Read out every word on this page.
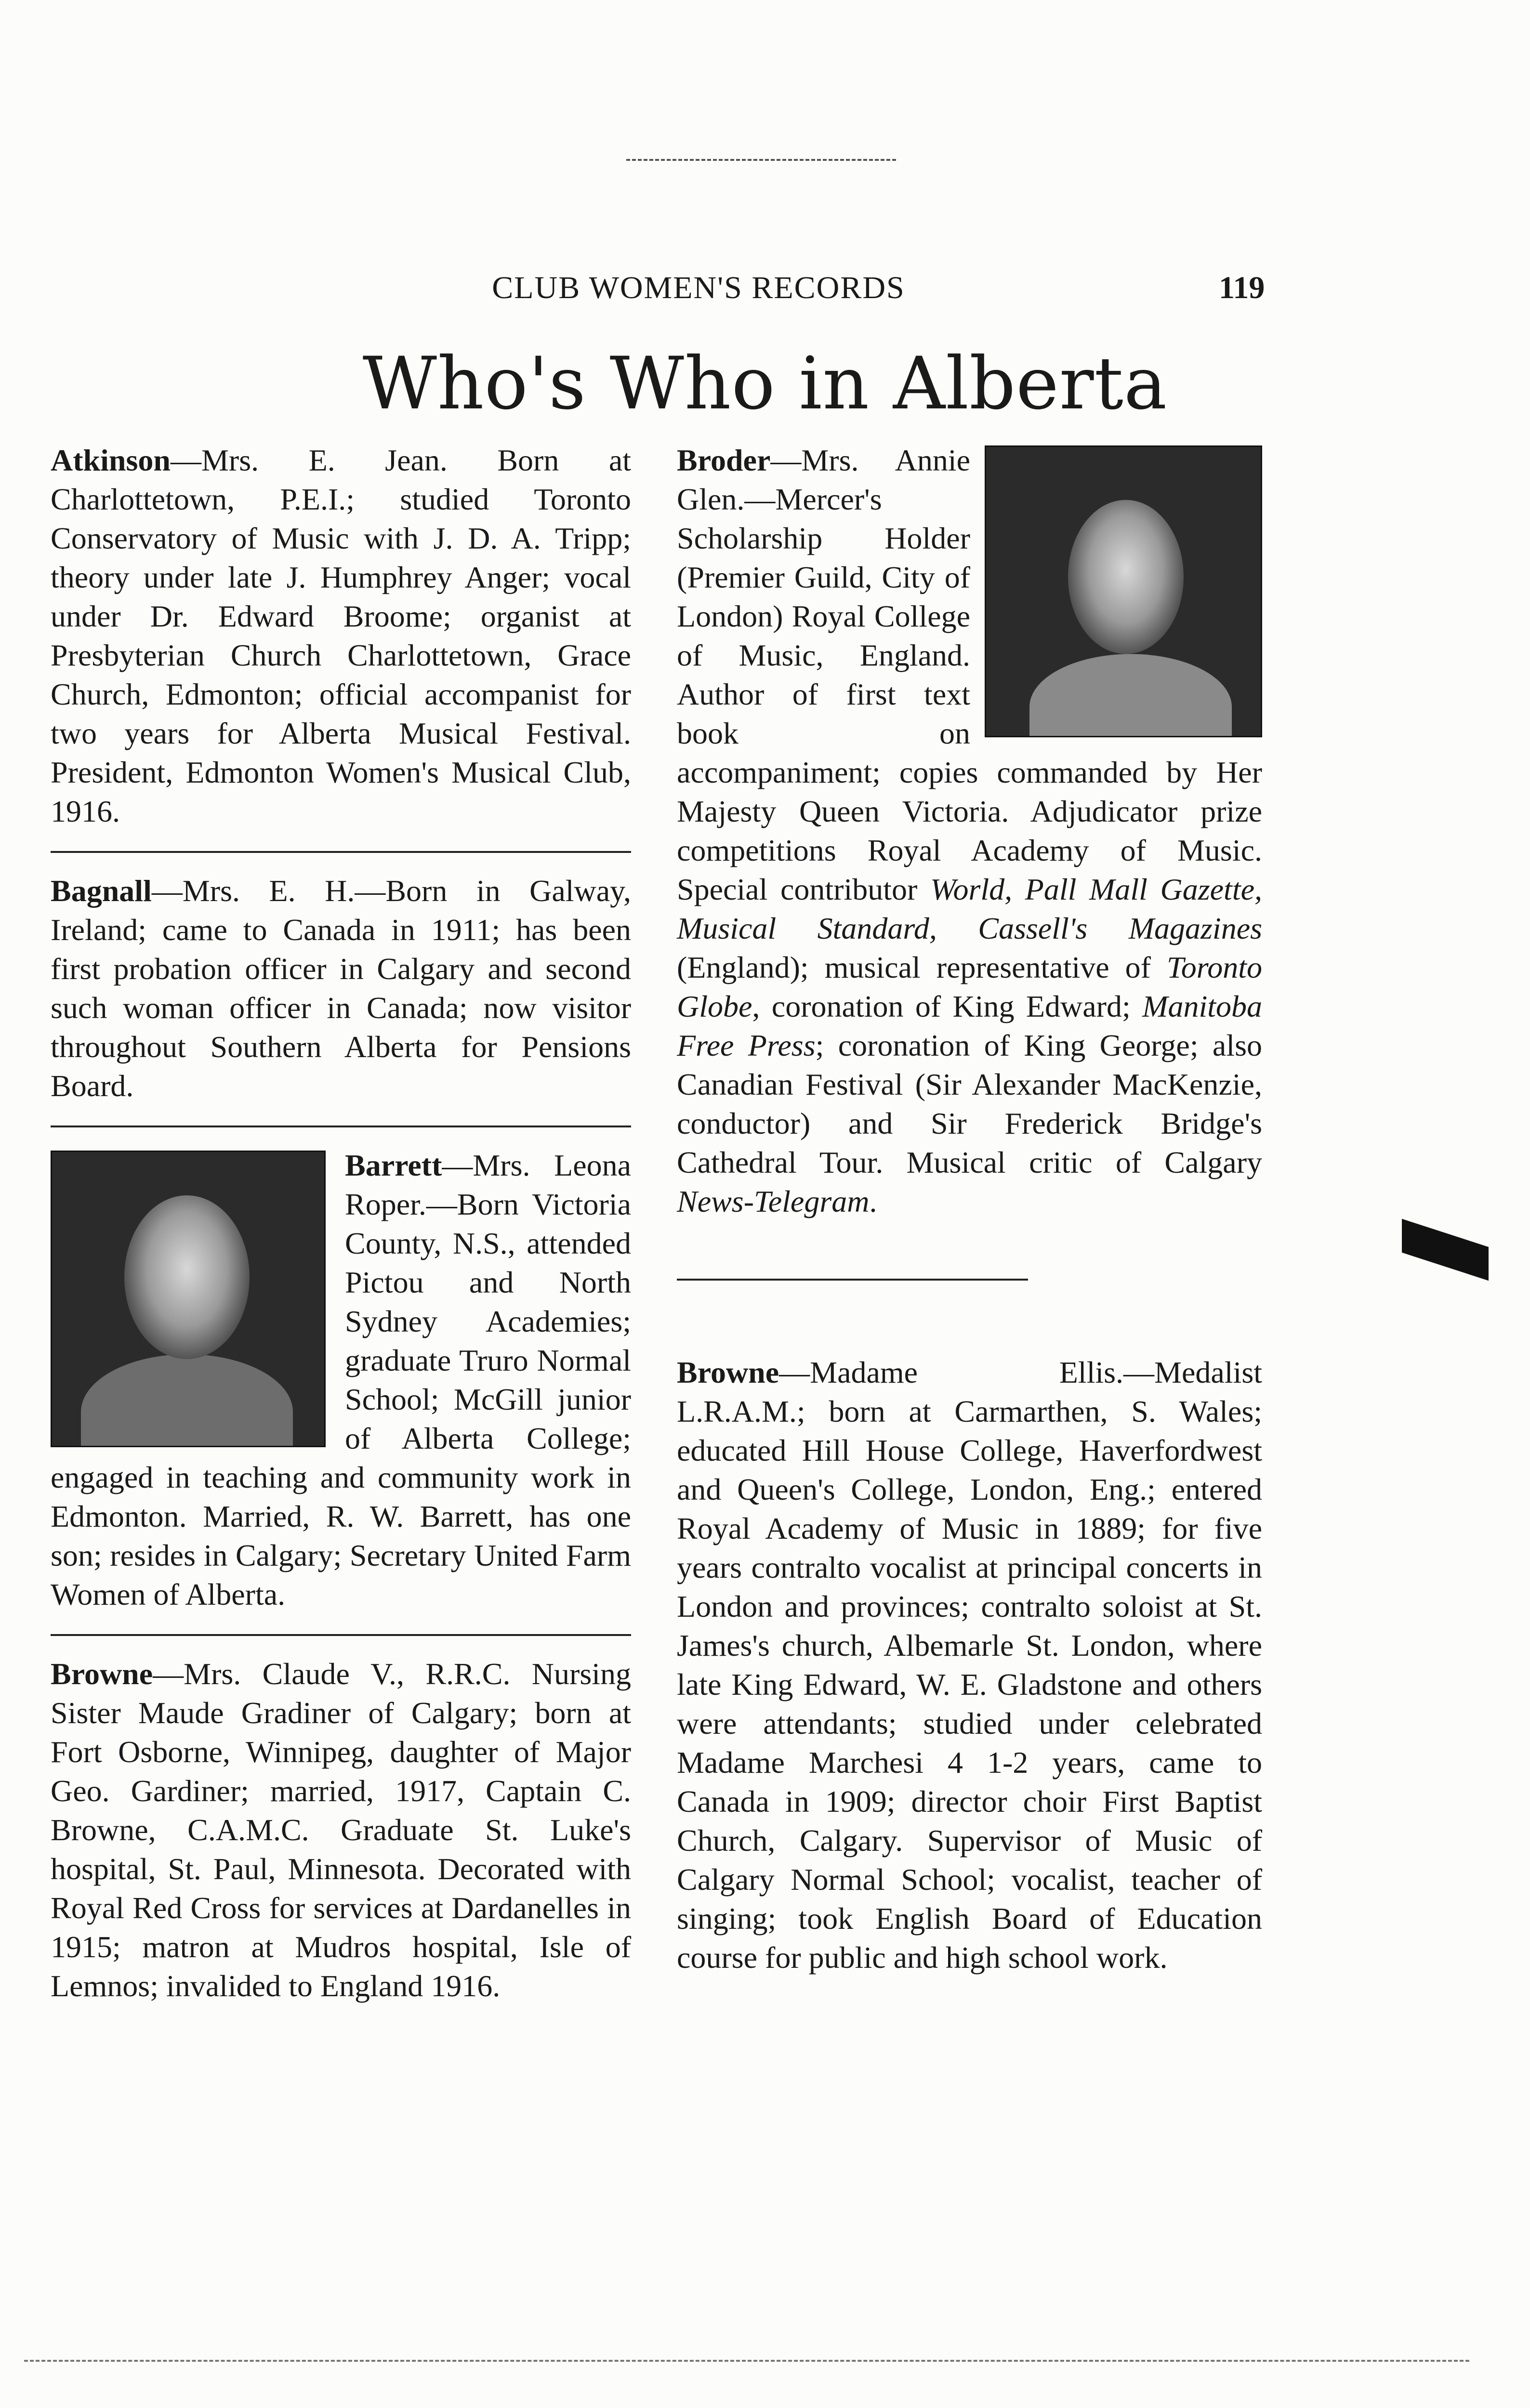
CLUB WOMEN'S RECORDS	119
Who's Who in Alberta

Atkinson—Mrs. E. Jean. Born at Charlottetown, P.E.I.; studied Toronto Conservatory of Music with J. D. A. Tripp; theory under late J. Humphrey Anger; vocal under Dr. Edward Broome; organist at Presbyterian Church Charlottetown, Grace Church, Edmonton; official accompanist for two years for Alberta Musical Festival. President, Edmonton Women's Musical Club, 1916.

Bagnall—Mrs. E. H.—Born in Galway, Ireland; came to Canada in 1911; has been first probation officer in Calgary and second such woman officer in Canada; now visitor throughout Southern Alberta for Pensions Board.

Barrett—Mrs. Leona Roper.—Born Victoria County, N.S., attended Pictou and North Sydney Academies; graduate Truro Normal School; McGill junior of Alberta College; engaged in teaching and community work in Edmonton. Married, R. W. Barrett, has one son; resides in Calgary; Secretary United Farm Women of Alberta.

Browne—Mrs. Claude V., R.R.C. Nursing Sister Maude Gradiner of Calgary; born at Fort Osborne, Winnipeg, daughter of Major Geo. Gardiner; married, 1917, Captain C. Browne, C.A.M.C. Graduate St. Luke's hospital, St. Paul, Minnesota. Decorated with Royal Red Cross for services at Dardanelles in 1915; matron at Mudros hospital, Isle of Lemnos; invalided to England 1916.

Broder—Mrs. Annie Glen.—Mercer's Scholarship Holder (Premier Guild, City of London) Royal College of Music, England. Author of first text book on accompaniment; copies commanded by Her Majesty Queen Victoria. Adjudicator prize competitions Royal Academy of Music. Special contributor World, Pall Mall Gazette, Musical Standard, Cassell's Magazines (England); musical representative of Toronto Globe, coronation of King Edward; Manitoba Free Press; coronation of King George; also Canadian Festival (Sir Alexander MacKenzie, conductor) and Sir Frederick Bridge's Cathedral Tour. Musical critic of Calgary News-Telegram.

Browne—Madame Ellis.—Medalist L.R.A.M.; born at Carmarthen, S. Wales; educated Hill House College, Haverfordwest and Queen's College, London, Eng.; entered Royal Academy of Music in 1889; for five years contralto vocalist at principal concerts in London and provinces; contralto soloist at St. James's church, Albemarle St. London, where late King Edward, W. E. Gladstone and others were attendants; studied under celebrated Madame Marchesi 4 1-2 years, came to Canada in 1909; director choir First Baptist Church, Calgary. Supervisor of Music of Calgary Normal School; vocalist, teacher of singing; took English Board of Education course for public and high school work.
